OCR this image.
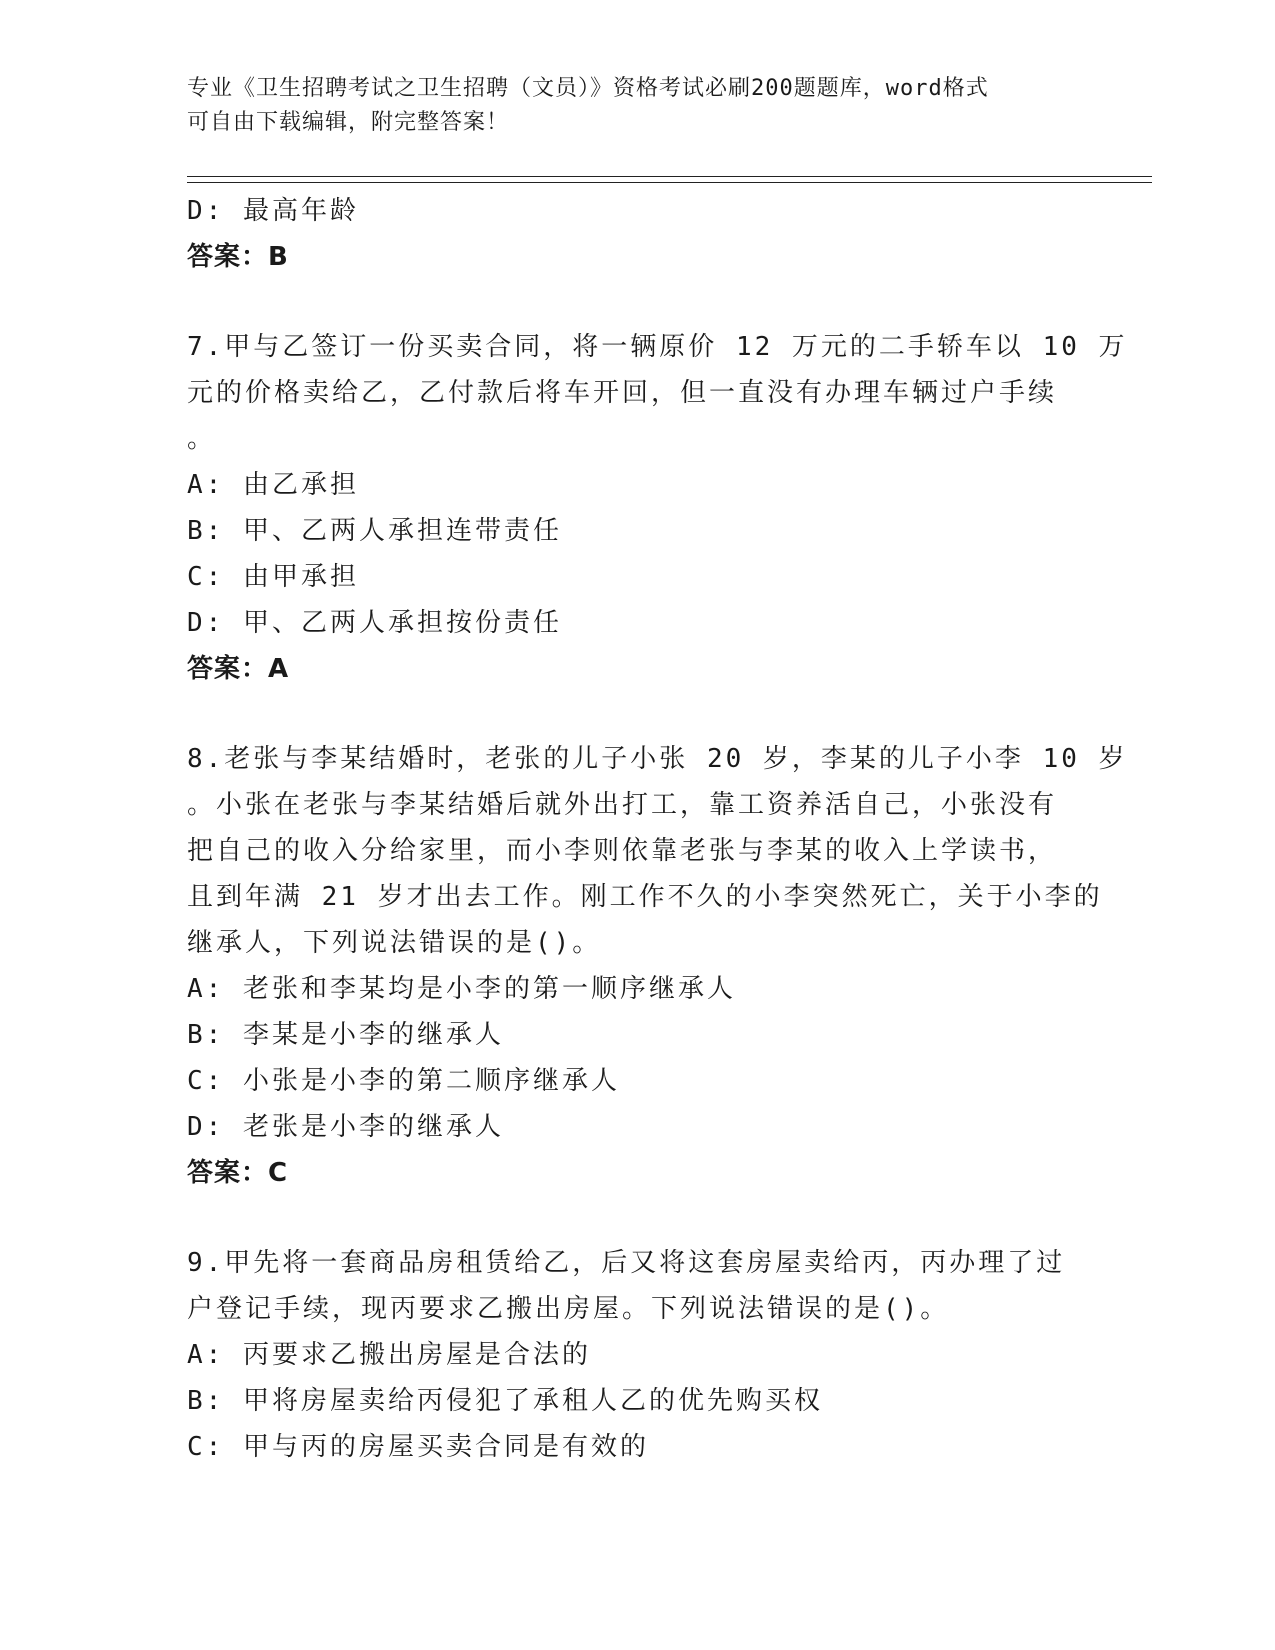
专业《卫生招聘考试之卫生招聘（文员）》资格考试必刷200题题库，word格式
可自由下载编辑，附完整答案！
D: 最高年龄
答案：B
7.甲与乙签订一份买卖合同，将一辆原价 12 万元的二手轿车以 10 万
元的价格卖给乙，乙付款后将车开回，但一直没有办理车辆过户手续
。
A: 由乙承担
B: 甲、乙两人承担连带责任
C: 由甲承担
D: 甲、乙两人承担按份责任
答案：A
8.老张与李某结婚时，老张的儿子小张 20 岁，李某的儿子小李 10 岁
。小张在老张与李某结婚后就外出打工，靠工资养活自己，小张没有
把自己的收入分给家里，而小李则依靠老张与李某的收入上学读书，
且到年满 21 岁才出去工作。刚工作不久的小李突然死亡，关于小李的
继承人，下列说法错误的是()。
A: 老张和李某均是小李的第一顺序继承人
B: 李某是小李的继承人
C: 小张是小李的第二顺序继承人
D: 老张是小李的继承人
答案：C
9.甲先将一套商品房租赁给乙，后又将这套房屋卖给丙，丙办理了过
户登记手续，现丙要求乙搬出房屋。下列说法错误的是()。
A: 丙要求乙搬出房屋是合法的
B: 甲将房屋卖给丙侵犯了承租人乙的优先购买权
C: 甲与丙的房屋买卖合同是有效的
